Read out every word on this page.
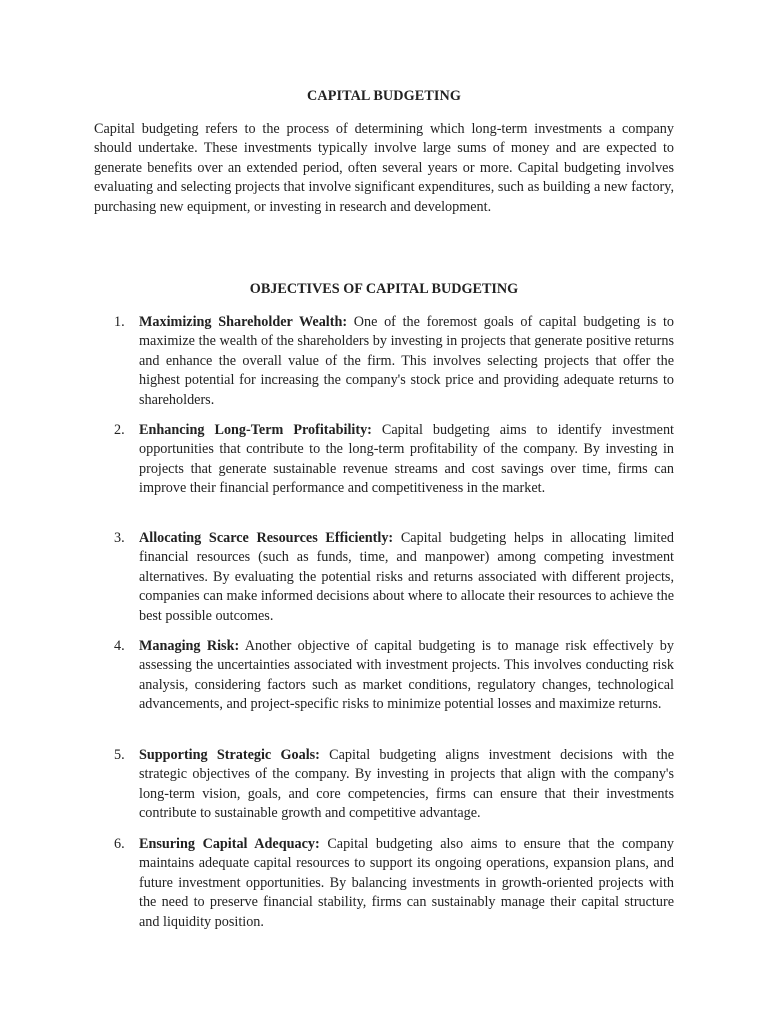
CAPITAL BUDGETING

Capital budgeting refers to the process of determining which long-term investments a company should undertake. These investments typically involve large sums of money and are expected to generate benefits over an extended period, often several years or more. Capital budgeting involves evaluating and selecting projects that involve significant expenditures, such as building a new factory, purchasing new equipment, or investing in research and development.

OBJECTIVES OF CAPITAL BUDGETING
1.	Maximizing Shareholder Wealth: One of the foremost goals of capital budgeting is to maximize the wealth of the shareholders by investing in projects that generate positive returns and enhance the overall value of the firm. This involves selecting projects that offer the highest potential for increasing the company's stock price and providing adequate returns to shareholders.
2.	Enhancing Long-Term Profitability: Capital budgeting aims to identify investment opportunities that contribute to the long-term profitability of the company. By investing in projects that generate sustainable revenue streams and cost savings over time, firms can improve their financial performance and competitiveness in the market.
3.	Allocating Scarce Resources Efficiently: Capital budgeting helps in allocating limited financial resources (such as funds, time, and manpower) among competing investment alternatives. By evaluating the potential risks and returns associated with different projects, companies can make informed decisions about where to allocate their resources to achieve the best possible outcomes.
4.	Managing Risk: Another objective of capital budgeting is to manage risk effectively by assessing the uncertainties associated with investment projects. This involves conducting risk analysis, considering factors such as market conditions, regulatory changes, technological advancements, and project-specific risks to minimize potential losses and maximize returns.
5.	Supporting Strategic Goals: Capital budgeting aligns investment decisions with the strategic objectives of the company. By investing in projects that align with the company's long-term vision, goals, and core competencies, firms can ensure that their investments contribute to sustainable growth and competitive advantage.
6.	Ensuring Capital Adequacy: Capital budgeting also aims to ensure that the company maintains adequate capital resources to support its ongoing operations, expansion plans, and future investment opportunities. By balancing investments in growth-oriented projects with the need to preserve financial stability, firms can sustainably manage their capital structure and liquidity position.
